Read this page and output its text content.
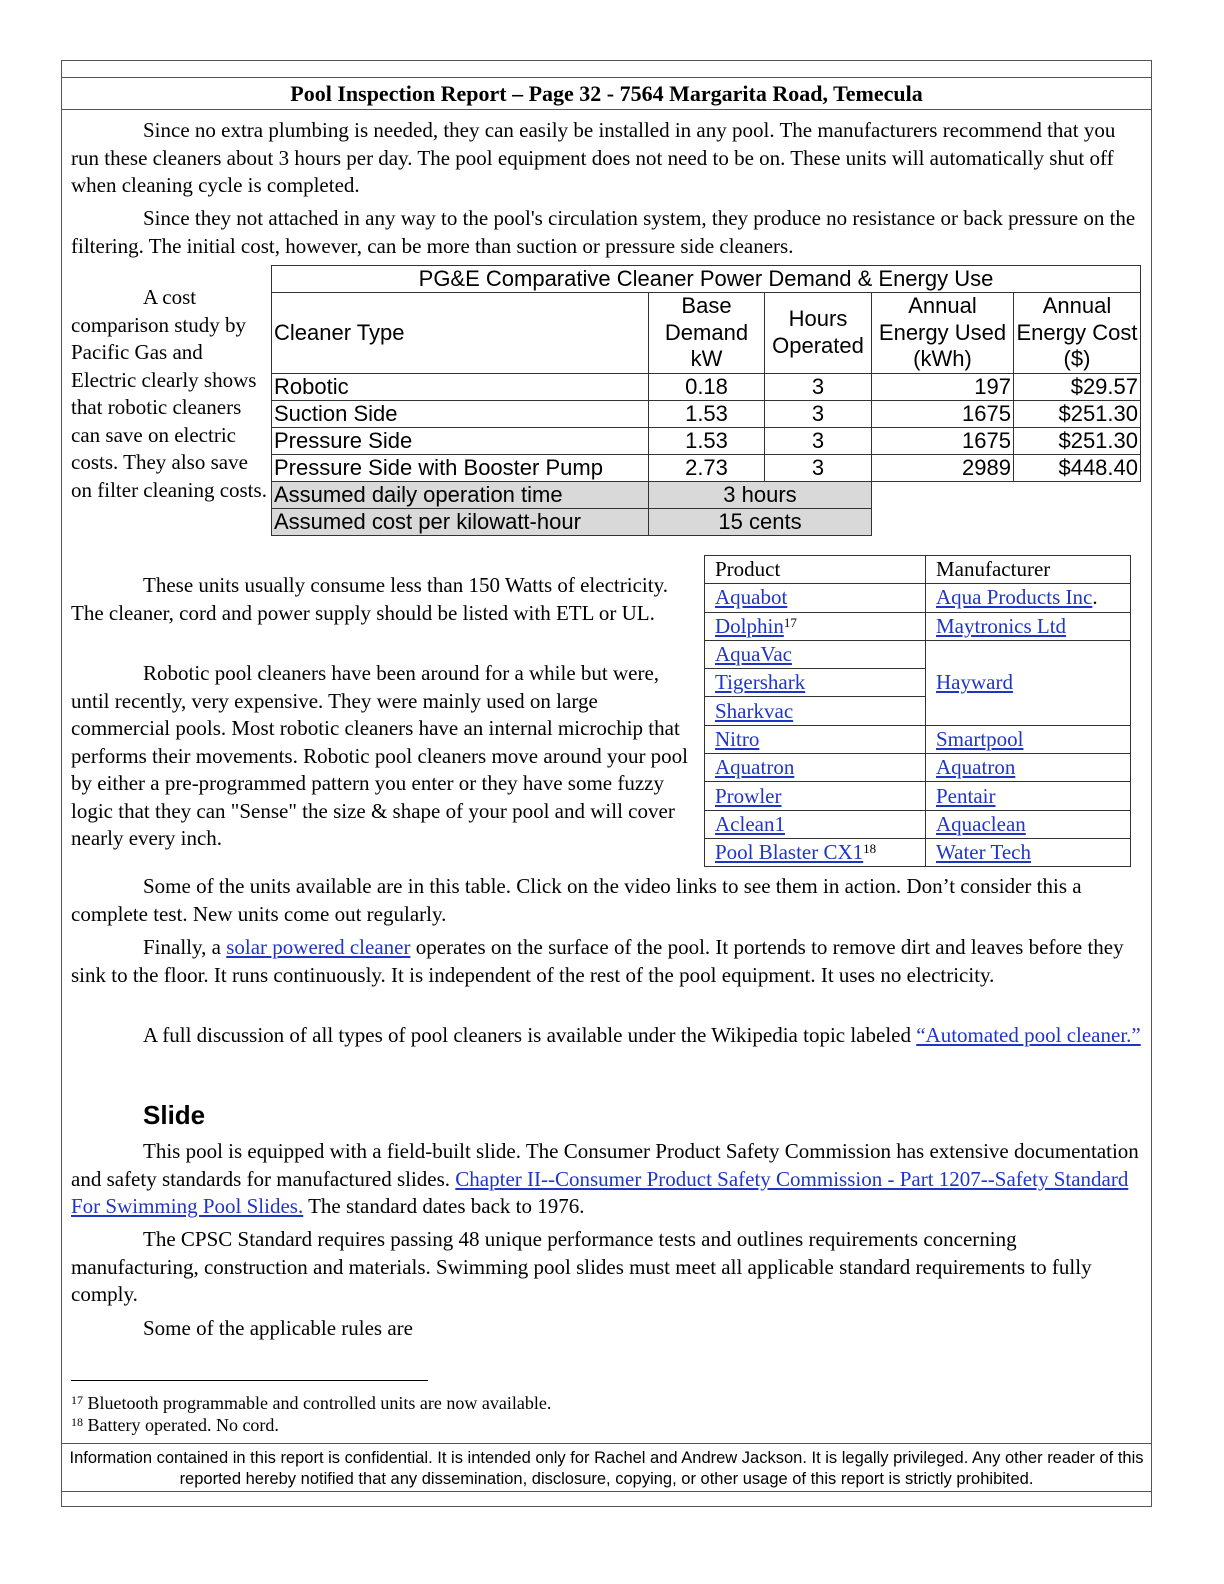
Pool Inspection Report – Page 32 - 7564 Margarita Road, Temecula

Since no extra plumbing is needed, they can easily be installed in any pool. The manufacturers recommend that you run these cleaners about 3 hours per day. The pool equipment does not need to be on. These units will automatically shut off when cleaning cycle is completed.

Since they not attached in any way to the pool's circulation system, they produce no resistance or back pressure on the filtering. The initial cost, however, can be more than suction or pressure side cleaners.

A cost comparison study by Pacific Gas and Electric clearly shows that robotic cleaners can save on electric costs. They also save on filter cleaning costs.

PG&E Comparative Cleaner Power Demand & Energy Use				
Cleaner Type	Base Demand kW	Hours Operated	Annual Energy Used (kWh)	Annual Energy Cost ($)
Robotic	0.18	3	197	$29.57
Suction Side	1.53	3	1675	$251.30
Pressure Side	1.53	3	1675	$251.30
Pressure Side with Booster Pump	2.73	3	2989	$448.40
Assumed daily operation time	3 hours			
Assumed cost per kilowatt-hour	15 cents			
Product	Manufacturer
Aquabot	Aqua Products Inc.
Dolphin$^{17}$	Maytronics Ltd
AquaVac	Hayward
Tigershark	
Sharkvac	
Nitro	Smartpool
Aquatron	Aquatron
Prowler	Pentair
Aclean1	Aquaclean
Pool Blaster $CX1^{18}$	Water Tech

These units usually consume less than 150 Watts of electricity. The cleaner, cord and power supply should be listed with ETL or UL.

Robotic pool cleaners have been around for a while but were, until recently, very expensive. They were mainly used on large commercial pools. Most robotic cleaners have an internal microchip that performs their movements. Robotic pool cleaners move around your pool by either a pre-programmed pattern you enter or they have some fuzzy logic that they can "Sense" the size & shape of your pool and will cover nearly every inch.

Some of the units available are in this table. Click on the video links to see them in action. Don’t consider this a complete test. New units come out regularly.

Finally, a solar powered cleaner operates on the surface of the pool. It portends to remove dirt and leaves before they sink to the floor. It runs continuously. It is independent of the rest of the pool equipment. It uses no electricity.

A full discussion of all types of pool cleaners is available under the Wikipedia topic labeled “Automated pool cleaner.”

Slide

This pool is equipped with a field-built slide. The Consumer Product Safety Commission has extensive documentation and safety standards for manufactured slides. Chapter II--Consumer Product Safety Commission - Part 1207--Safety Standard For Swimming Pool Slides. The standard dates back to 1976.

The CPSC Standard requires passing 48 unique performance tests and outlines requirements concerning manufacturing, construction and materials. Swimming pool slides must meet all applicable standard requirements to fully comply.

Some of the applicable rules are

$^{17}$ Bluetooth programmable and controlled units are now available.

$^{18}$ Battery operated. No cord.

Information contained in this report is confidential. It is intended only for Rachel and Andrew Jackson. It is legally privileged. Any other reader of this reported hereby notified that any dissemination, disclosure, copying, or other usage of this report is strictly prohibited.
